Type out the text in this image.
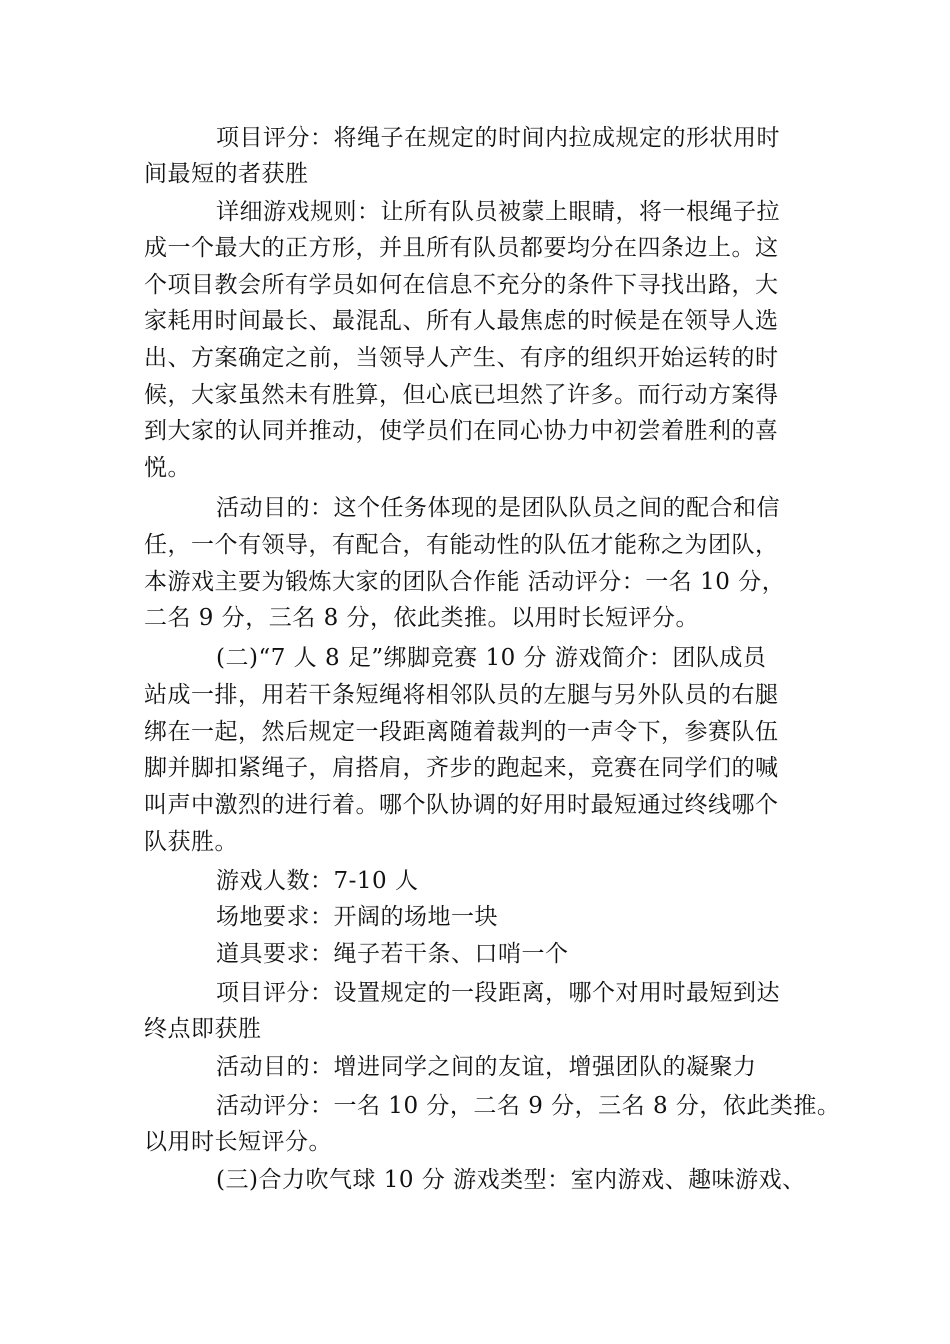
项目评分：将绳子在规定的时间内拉成规定的形状用时
间最短的者获胜
详细游戏规则：让所有队员被蒙上眼睛，将一根绳子拉
成一个最大的正方形，并且所有队员都要均分在四条边上。这
个项目教会所有学员如何在信息不充分的条件下寻找出路，大
家耗用时间最长、最混乱、所有人最焦虑的时候是在领导人选
出、方案确定之前，当领导人产生、有序的组织开始运转的时
候，大家虽然未有胜算，但心底已坦然了许多。而行动方案得
到大家的认同并推动，使学员们在同心协力中初尝着胜利的喜
悦。
活动目的：这个任务体现的是团队队员之间的配合和信
任，一个有领导，有配合，有能动性的队伍才能称之为团队，
本游戏主要为锻炼大家的团队合作能 活动评分：一名 10 分，
二名 9 分，三名 8 分，依此类推。以用时长短评分。
(二)“7 人 8 足”绑脚竞赛 10 分 游戏简介：团队成员
站成一排，用若干条短绳将相邻队员的左腿与另外队员的右腿
绑在一起，然后规定一段距离随着裁判的一声令下，参赛队伍
脚并脚扣紧绳子，肩搭肩，齐步的跑起来，竞赛在同学们的喊
叫声中激烈的进行着。哪个队协调的好用时最短通过终线哪个
队获胜。
游戏人数：7-10 人
场地要求：开阔的场地一块
道具要求：绳子若干条、口哨一个
项目评分：设置规定的一段距离，哪个对用时最短到达
终点即获胜
活动目的：增进同学之间的友谊，增强团队的凝聚力
活动评分：一名 10 分，二名 9 分，三名 8 分，依此类推。
以用时长短评分。
(三)合力吹气球 10 分 游戏类型：室内游戏、趣味游戏、
